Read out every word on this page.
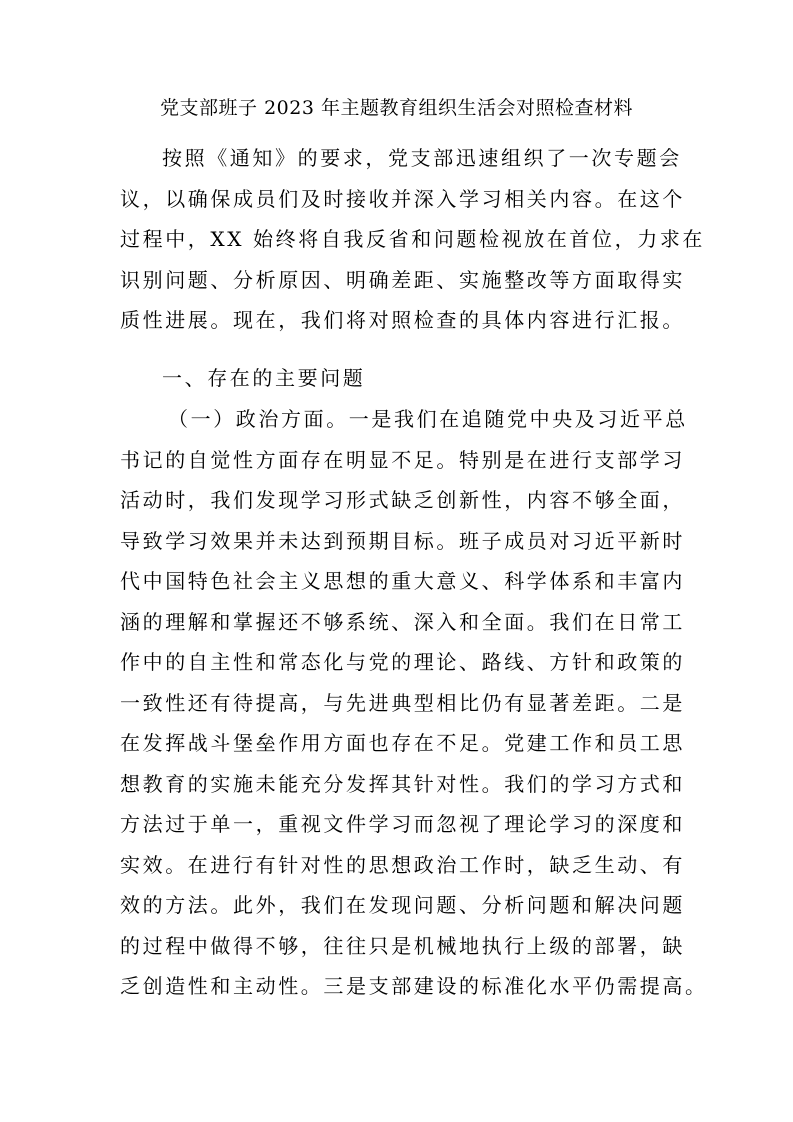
党支部班子 2023 年主题教育组织生活会对照检查材料
按照《通知》的要求，党支部迅速组织了一次专题会
议，以确保成员们及时接收并深入学习相关内容。在这个
过程中，XX 始终将自我反省和问题检视放在首位，力求在
识别问题、分析原因、明确差距、实施整改等方面取得实
质性进展。现在，我们将对照检查的具体内容进行汇报。
一、存在的主要问题
（一）政治方面。一是我们在追随党中央及习近平总
书记的自觉性方面存在明显不足。特别是在进行支部学习
活动时，我们发现学习形式缺乏创新性，内容不够全面，
导致学习效果并未达到预期目标。班子成员对习近平新时
代中国特色社会主义思想的重大意义、科学体系和丰富内
涵的理解和掌握还不够系统、深入和全面。我们在日常工
作中的自主性和常态化与党的理论、路线、方针和政策的
一致性还有待提高，与先进典型相比仍有显著差距。二是
在发挥战斗堡垒作用方面也存在不足。党建工作和员工思
想教育的实施未能充分发挥其针对性。我们的学习方式和
方法过于单一，重视文件学习而忽视了理论学习的深度和
实效。在进行有针对性的思想政治工作时，缺乏生动、有
效的方法。此外，我们在发现问题、分析问题和解决问题
的过程中做得不够，往往只是机械地执行上级的部署，缺
乏创造性和主动性。三是支部建设的标准化水平仍需提高。
